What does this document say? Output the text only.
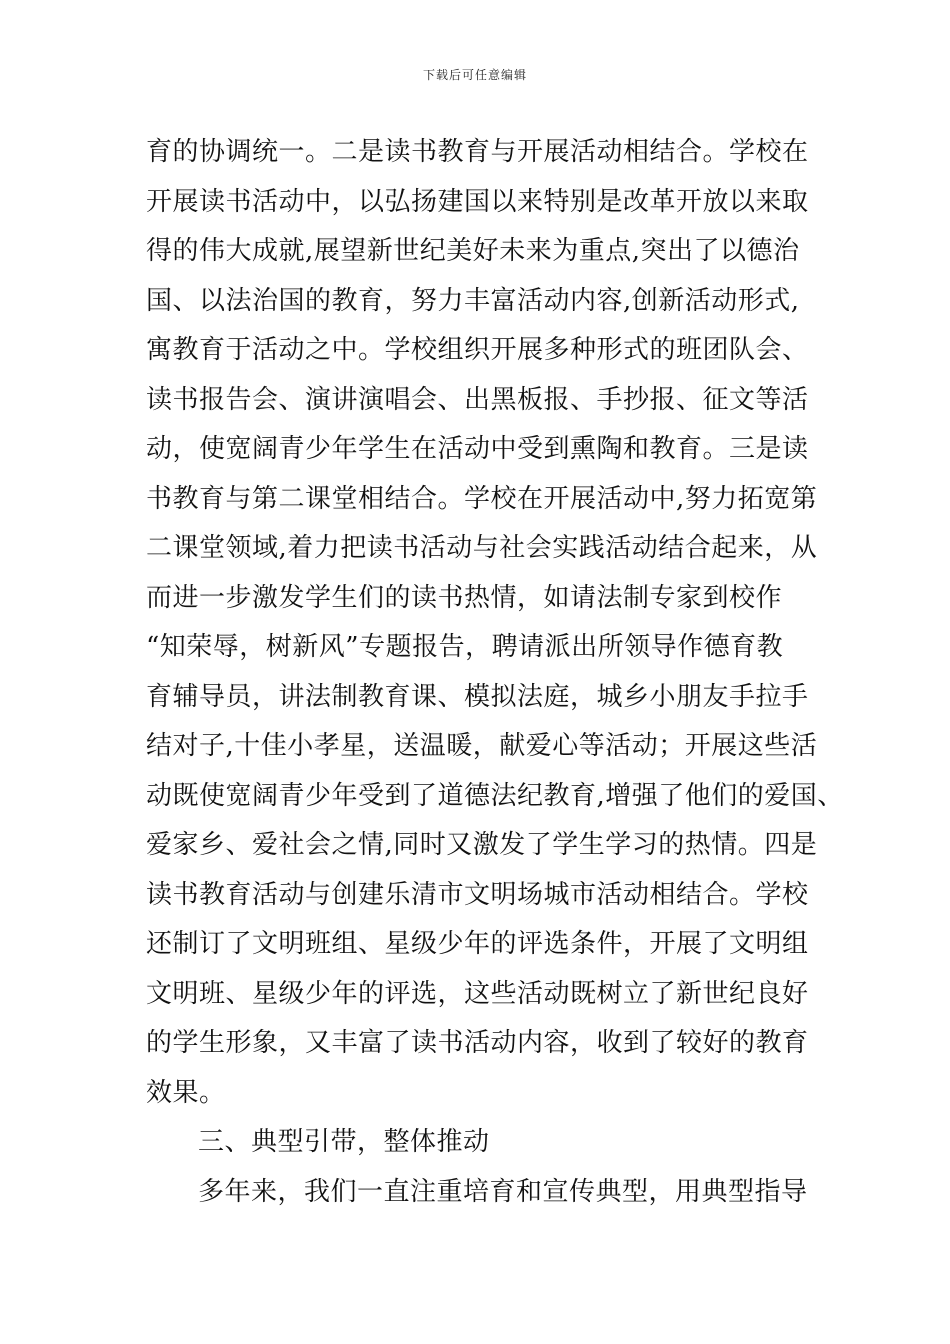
下载后可任意编辑
育的协调统一。二是读书教育与开展活动相结合。学校在
开展读书活动中，以弘扬建国以来特别是改革开放以来取
得的伟大成就,展望新世纪美好未来为重点,突出了以德治
国、以法治国的教育，努力丰富活动内容,创新活动形式,
寓教育于活动之中。学校组织开展多种形式的班团队会、
读书报告会、演讲演唱会、出黑板报、手抄报、征文等活
动，使宽阔青少年学生在活动中受到熏陶和教育。三是读
书教育与第二课堂相结合。学校在开展活动中,努力拓宽第
二课堂领域,着力把读书活动与社会实践活动结合起来，从
而进一步激发学生们的读书热情，如请法制专家到校作
“知荣辱，树新风”专题报告，聘请派出所领导作德育教
育辅导员，讲法制教育课、模拟法庭，城乡小朋友手拉手
结对子,十佳小孝星，送温暖，献爱心等活动；开展这些活
动既使宽阔青少年受到了道德法纪教育,增强了他们的爱国、
爱家乡、爱社会之情,同时又激发了学生学习的热情。四是
读书教育活动与创建乐清市文明场城市活动相结合。学校
还制订了文明班组、星级少年的评选条件，开展了文明组
文明班、星级少年的评选，这些活动既树立了新世纪良好
的学生形象，又丰富了读书活动内容，收到了较好的教育
效果。
三、典型引带，整体推动
多年来，我们一直注重培育和宣传典型，用典型指导
